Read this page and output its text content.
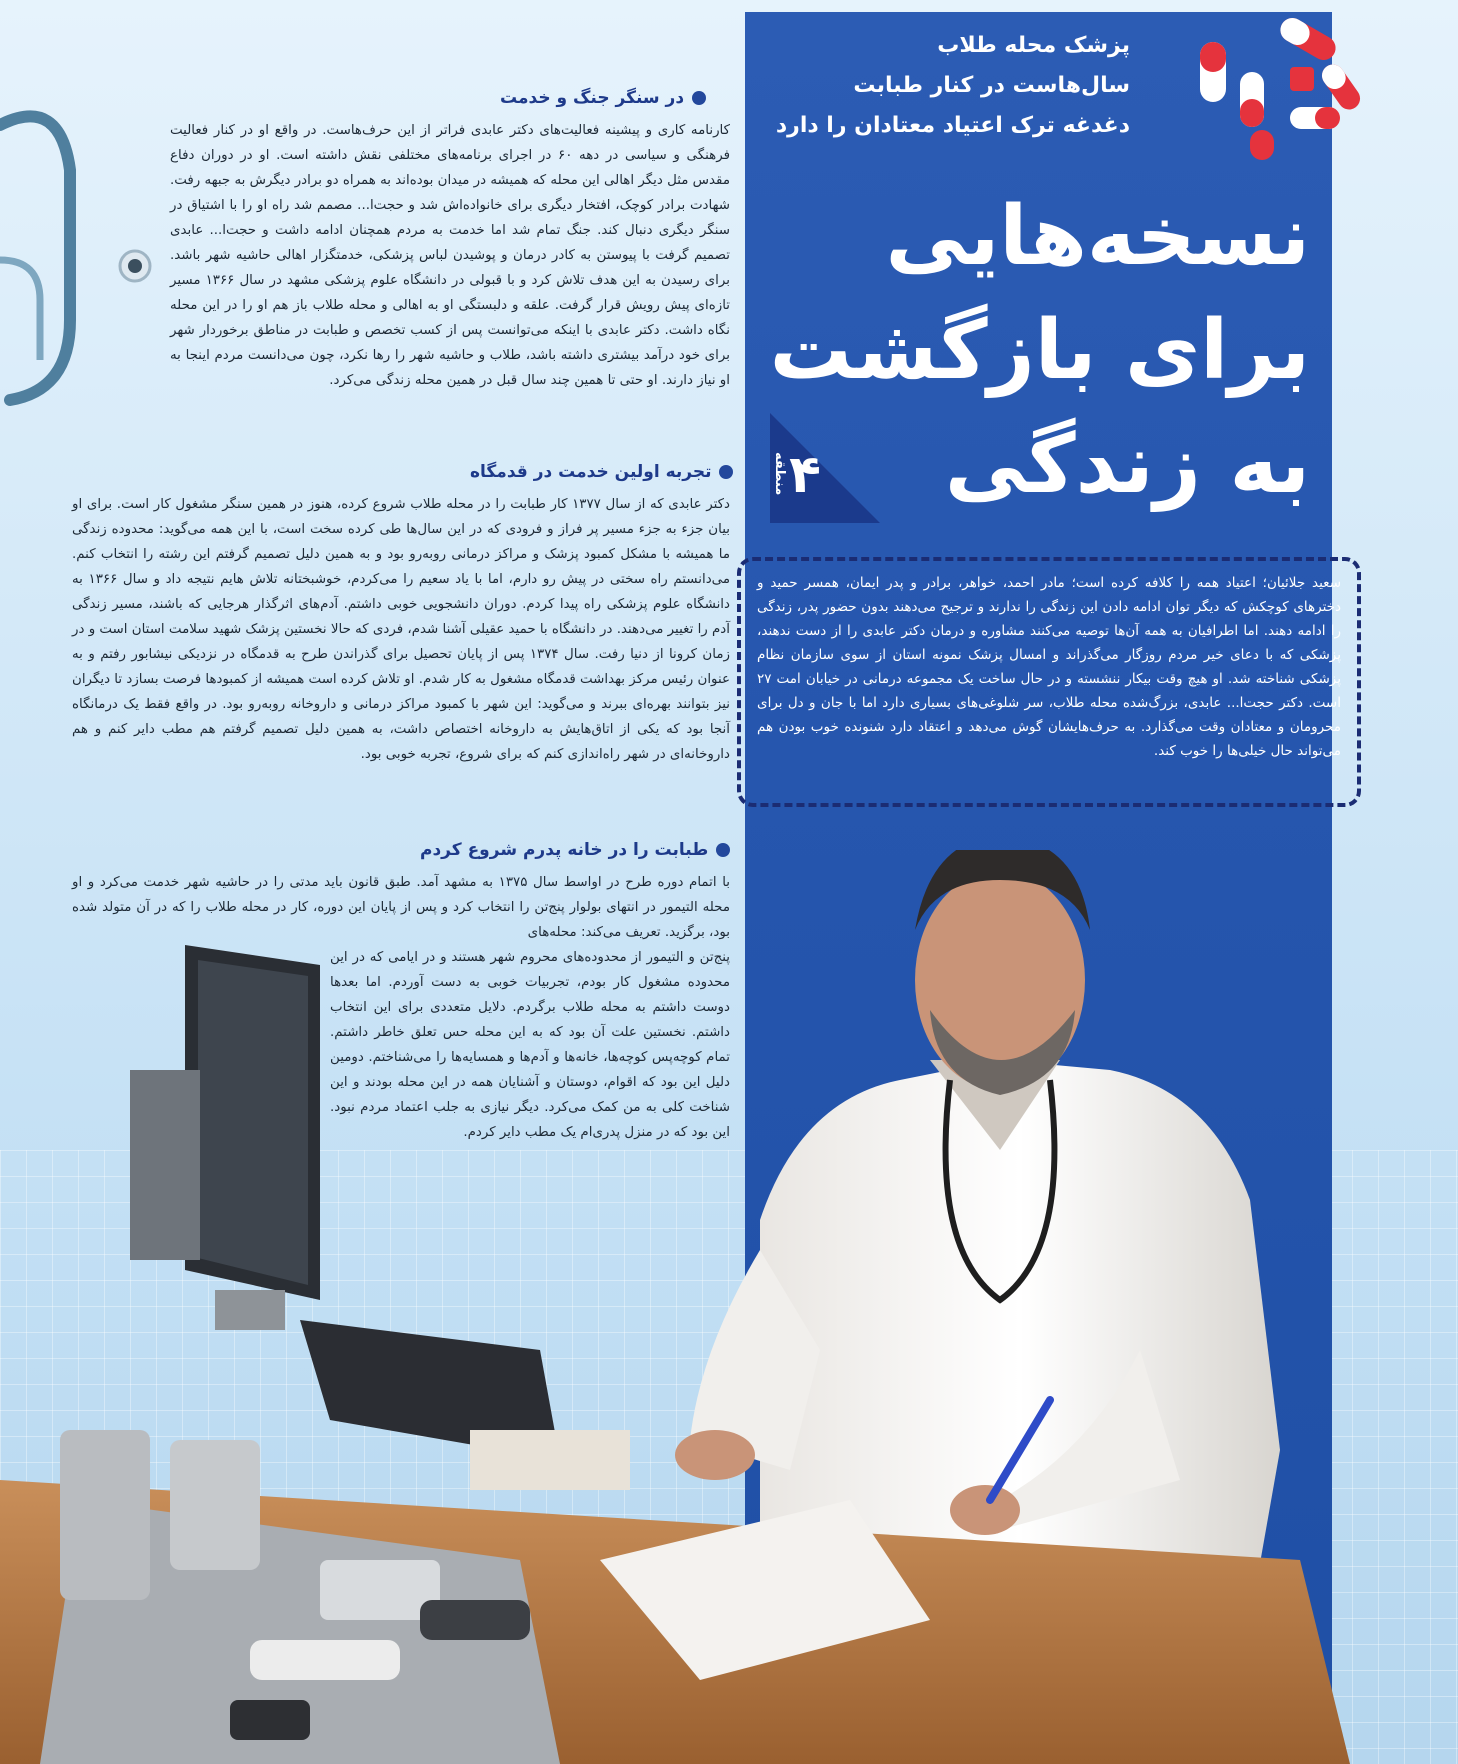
پزشک محله طلاب
سال‌هاست در کنار طبابت
دغدغه ترک اعتیاد معتادان را دارد
نسخه‌هایی
برای بازگشت
به زندگی
۴
منطقه
سعید جلائیان؛ اعتیاد همه را کلافه کرده است؛ مادر احمد، خواهر، برادر و پدر ایمان، همسر حمید و دخترهای کوچکش که دیگر توان ادامه دادن این زندگی را ندارند و ترجیح می‌دهند بدون حضور پدر، زندگی را ادامه دهند. اما اطرافیان به همه آن‌ها توصیه می‌کنند مشاوره و درمان دکتر عابدی را از دست ندهند، پزشکی که با دعای خیر مردم روزگار می‌گذراند و امسال پزشک نمونه استان از سوی سازمان نظام پزشکی شناخته شد. او هیچ وقت بیکار ننشسته و در حال ساخت یک مجموعه درمانی در خیابان امت ۲۷ است. دکتر حجت‌ا... عابدی، بزرگ‌شده محله طلاب، سر شلوغی‌های بسیاری دارد اما با جان و دل برای محرومان و معتادان وقت می‌گذارد. به حرف‌هایشان گوش می‌دهد و اعتقاد دارد شنونده خوب بودن هم می‌تواند حال خیلی‌ها را خوب کند.
در سنگر جنگ و خدمت
کارنامه کاری و پیشینه فعالیت‌های دکتر عابدی فراتر از این حرف‌هاست. در واقع او در کنار فعالیت فرهنگی و سیاسی در دهه ۶۰ در اجرای برنامه‌های مختلفی نقش داشته است. او در دوران دفاع مقدس مثل دیگر اهالی این محله که همیشه در میدان بوده‌اند به همراه دو برادر دیگرش به جبهه رفت. شهادت برادر کوچک، افتخار دیگری برای خانواده‌اش شد و حجت‌ا... مصمم شد راه او را با اشتیاق در سنگر دیگری دنبال کند. جنگ تمام شد اما خدمت به مردم همچنان ادامه داشت و حجت‌ا... عابدی تصمیم گرفت با پیوستن به کادر درمان و پوشیدن لباس پزشکی، خدمتگزار اهالی حاشیه شهر باشد. برای رسیدن به این هدف تلاش کرد و با قبولی در دانشگاه علوم پزشکی مشهد در سال ۱۳۶۶ مسیر تازه‌ای پیش رویش قرار گرفت. علقه و دلبستگی او به اهالی و محله طلاب باز هم او را در این محله نگاه داشت. دکتر عابدی با اینکه می‌توانست پس از کسب تخصص و طبابت در مناطق برخوردار شهر برای خود درآمد بیشتری داشته باشد، طلاب و حاشیه شهر را رها نکرد، چون می‌دانست مردم اینجا به او نیاز دارند. او حتی تا همین چند سال قبل در همین محله زندگی می‌کرد.
تجربه اولین خدمت در قدمگاه
دکتر عابدی که از سال ۱۳۷۷ کار طبابت را در محله طلاب شروع کرده، هنوز در همین سنگر مشغول کار است. برای او بیان جزء به جزء مسیر پر فراز و فرودی که در این سال‌ها طی کرده سخت است، با این همه می‌گوید: محدوده زندگی ما همیشه با مشکل کمبود پزشک و مراکز درمانی روبه‌رو بود و به همین دلیل تصمیم گرفتم این رشته را انتخاب کنم. می‌دانستم راه سختی در پیش رو دارم، اما با یاد سعیم را می‌کردم، خوشبختانه تلاش هایم نتیجه داد و سال ۱۳۶۶ به دانشگاه علوم پزشکی راه پیدا کردم. دوران دانشجویی خوبی داشتم. آدم‌های اثرگذار هرجایی که باشند، مسیر زندگی آدم را تغییر می‌دهند. در دانشگاه با حمید عقیلی آشنا شدم، فردی که حالا نخستین پزشک شهید سلامت استان است و در زمان کرونا از دنیا رفت. سال ۱۳۷۴ پس از پایان تحصیل برای گذراندن طرح به قدمگاه در نزدیکی نیشابور رفتم و به عنوان رئیس مرکز بهداشت قدمگاه مشغول به کار شدم. او تلاش کرده است همیشه از کمبودها فرصت بسازد تا دیگران نیز بتوانند بهره‌ای ببرند و می‌گوید: این شهر با کمبود مراکز درمانی و داروخانه روبه‌رو بود. در واقع فقط یک درمانگاه آنجا بود که یکی از اتاق‌هایش به داروخانه اختصاص داشت، به همین دلیل تصمیم گرفتم هم مطب دایر کنم و هم داروخانه‌ای در شهر راه‌اندازی کنم که برای شروع، تجربه خوبی بود.
طبابت را در خانه پدرم شروع کردم
با اتمام دوره طرح در اواسط سال ۱۳۷۵ به مشهد آمد. طبق قانون باید مدتی را در حاشیه شهر خدمت می‌کرد و او محله التیمور در انتهای بولوار پنج‌تن را انتخاب کرد و پس از پایان این دوره، کار در محله طلاب را که در آن متولد شده بود، برگزید. تعریف می‌کند: محله‌های
پنج‌تن و التیمور از محدوده‌های محروم شهر هستند و در ایامی که در این محدوده مشغول کار بودم، تجربیات خوبی به دست آوردم. اما بعدها دوست داشتم به محله طلاب برگردم. دلایل متعددی برای این انتخاب داشتم. نخستین علت آن بود که به این محله حس تعلق خاطر داشتم. تمام کوچه‌پس کوچه‌ها، خانه‌ها و آدم‌ها و همسایه‌ها را می‌شناختم. دومین دلیل این بود که اقوام، دوستان و آشنایان همه در این محله بودند و این شناخت کلی به من کمک می‌کرد. دیگر نیازی به جلب اعتماد مردم نبود. این بود که در منزل پدری‌ام یک مطب دایر کردم.
